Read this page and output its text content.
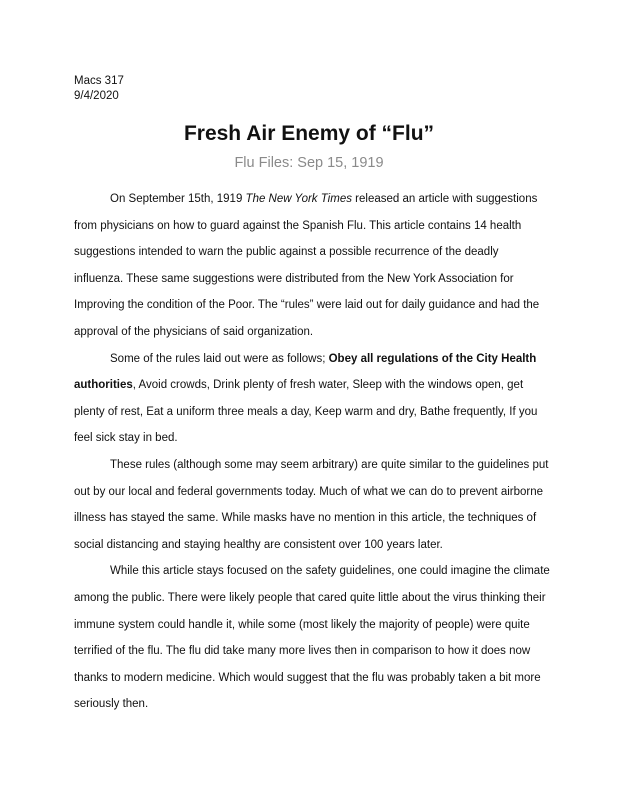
Macs 317
9/4/2020
Fresh Air Enemy of “Flu”
Flu Files: Sep 15, 1919

On September 15th, 1919 The New York Times released an article with suggestions from physicians on how to guard against the Spanish Flu. This article contains 14 health suggestions intended to warn the public against a possible recurrence of the deadly influenza. These same suggestions were distributed from the New York Association for Improving the condition of the Poor. The “rules” were laid out for daily guidance and had the approval of the physicians of said organization.

Some of the rules laid out were as follows; Obey all regulations of the City Health authorities, Avoid crowds, Drink plenty of fresh water, Sleep with the windows open, get plenty of rest, Eat a uniform three meals a day, Keep warm and dry, Bathe frequently, If you feel sick stay in bed.

These rules (although some may seem arbitrary) are quite similar to the guidelines put out by our local and federal governments today. Much of what we can do to prevent airborne illness has stayed the same. While masks have no mention in this article, the techniques of social distancing and staying healthy are consistent over 100 years later.

While this article stays focused on the safety guidelines, one could imagine the climate among the public. There were likely people that cared quite little about the virus thinking their immune system could handle it, while some (most likely the majority of people) were quite terrified of the flu. The flu did take many more lives then in comparison to how it does now thanks to modern medicine. Which would suggest that the flu was probably taken a bit more seriously then.
